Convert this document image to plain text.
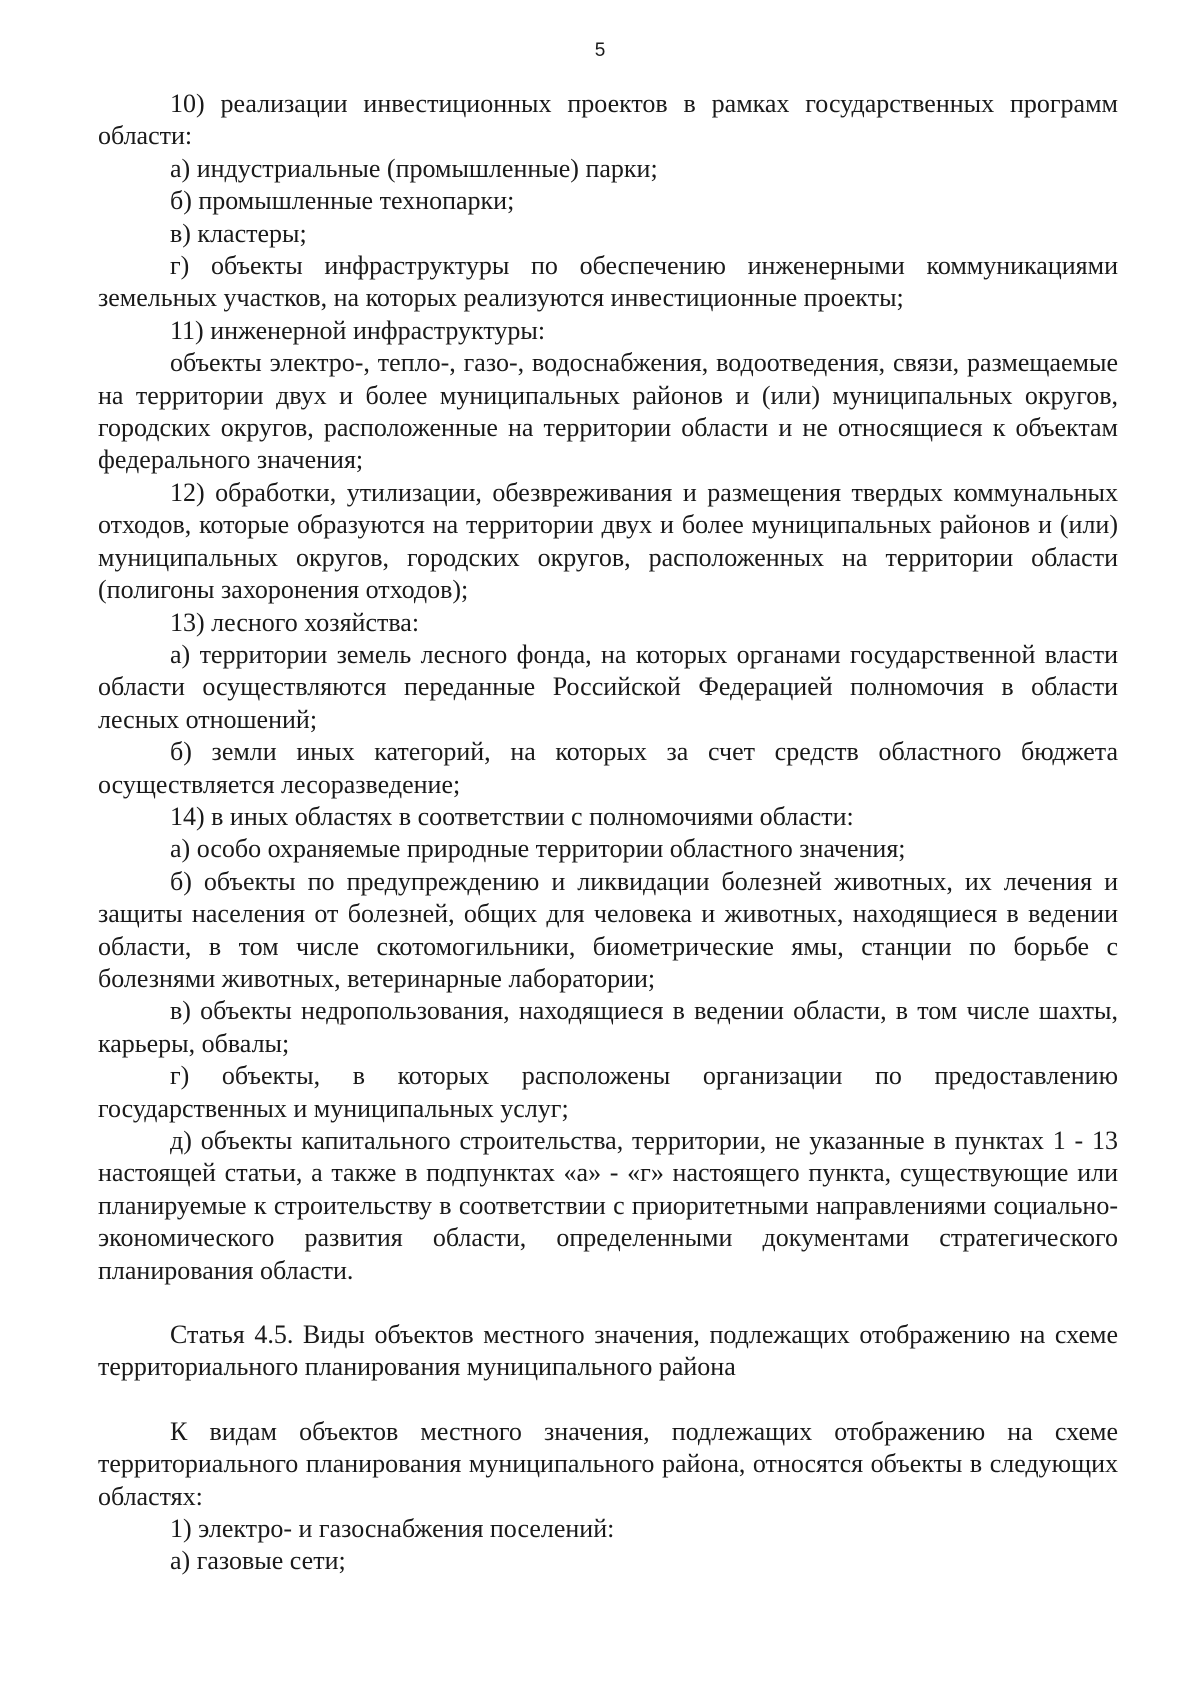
5

10) реализации инвестиционных проектов в рамках государственных программ области:

а) индустриальные (промышленные) парки;

б) промышленные технопарки;

в) кластеры;

г) объекты инфраструктуры по обеспечению инженерными коммуникациями земельных участков, на которых реализуются инвестиционные проекты;

11) инженерной инфраструктуры:

объекты электро-, тепло-, газо-, водоснабжения, водоотведения, связи, размещаемые на территории двух и более муниципальных районов и (или) муниципальных округов, городских округов, расположенные на территории области и не относящиеся к объектам федерального значения;

12) обработки, утилизации, обезвреживания и размещения твердых коммунальных отходов, которые образуются на территории двух и более муниципальных районов и (или) муниципальных округов, городских округов, расположенных на территории области (полигоны захоронения отходов);

13) лесного хозяйства:

а) территории земель лесного фонда, на которых органами государственной власти области осуществляются переданные Российской Федерацией полномочия в области лесных отношений;

б) земли иных категорий, на которых за счет средств областного бюджета осуществляется лесоразведение;

14) в иных областях в соответствии с полномочиями области:

а) особо охраняемые природные территории областного значения;

б) объекты по предупреждению и ликвидации болезней животных, их лечения и защиты населения от болезней, общих для человека и животных, находящиеся в ведении области, в том числе скотомогильники, биометрические ямы, станции по борьбе с болезнями животных, ветеринарные лаборатории;

в) объекты недропользования, находящиеся в ведении области, в том числе шахты, карьеры, обвалы;

г) объекты, в которых расположены организации по предоставлению государственных и муниципальных услуг;

д) объекты капитального строительства, территории, не указанные в пунктах 1 - 13 настоящей статьи, а также в подпунктах «а» - «г» настоящего пункта, существующие или планируемые к строительству в соответствии с приоритетными направлениями социально-экономического развития области, определенными документами стратегического планирования области.

Статья 4.5. Виды объектов местного значения, подлежащих отображению на схеме территориального планирования муниципального района

К видам объектов местного значения, подлежащих отображению на схеме территориального планирования муниципального района, относятся объекты в следующих областях:

1) электро- и газоснабжения поселений:

а) газовые сети;
